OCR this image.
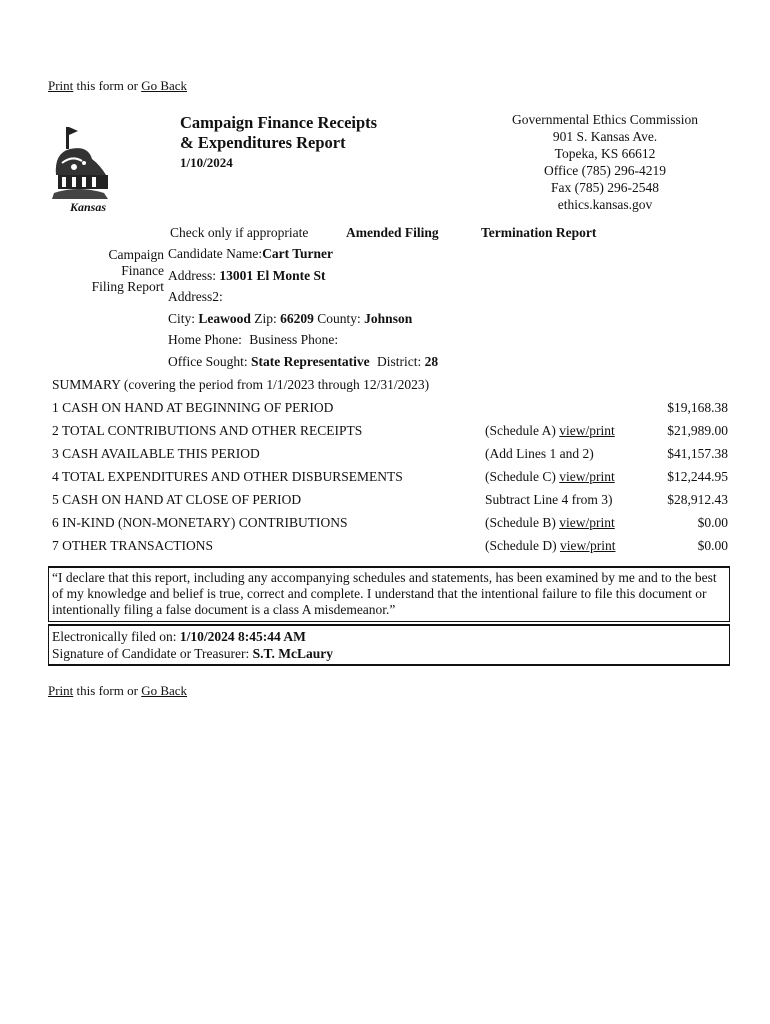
Print this form or Go Back
Kansas
Campaign Finance Receipts
& Expenditures Report
1/10/2024
Governmental Ethics Commission
901 S. Kansas Ave.
Topeka, KS 66612
Office (785) 296-4219
Fax (785) 296-2548
ethics.kansas.gov
Check only if appropriate	Amended Filing	Termination Report
Campaign
Finance
Filing Report
Candidate Name:Cart Turner
Address: 13001 El Monte St
Address2:
City: Leawood Zip: 66209 County: Johnson
Home Phone: Business Phone:
Office Sought: State Representative District: 28
SUMMARY (covering the period from 1/1/2023 through 12/31/2023)
1 CASH ON HAND AT BEGINNING OF PERIOD	$19,168.38
2 TOTAL CONTRIBUTIONS AND OTHER RECEIPTS	(Schedule A) view/print	$21,989.00
3 CASH AVAILABLE THIS PERIOD	(Add Lines 1 and 2)	$41,157.38
4 TOTAL EXPENDITURES AND OTHER DISBURSEMENTS	(Schedule C) view/print	$12,244.95
5 CASH ON HAND AT CLOSE OF PERIOD	Subtract Line 4 from 3)	$28,912.43
6 IN-KIND (NON-MONETARY) CONTRIBUTIONS	(Schedule B) view/print	$0.00
7 OTHER TRANSACTIONS	(Schedule D) view/print	$0.00
“I declare that this report, including any accompanying schedules and statements, has been examined by me and to the best of my knowledge and belief is true, correct and complete. I understand that the intentional failure to file this document or intentionally filing a false document is a class A misdemeanor.”
Electronically filed on: 1/10/2024 8:45:44 AM
Signature of Candidate or Treasurer: S.T. McLaury
Print this form or Go Back
